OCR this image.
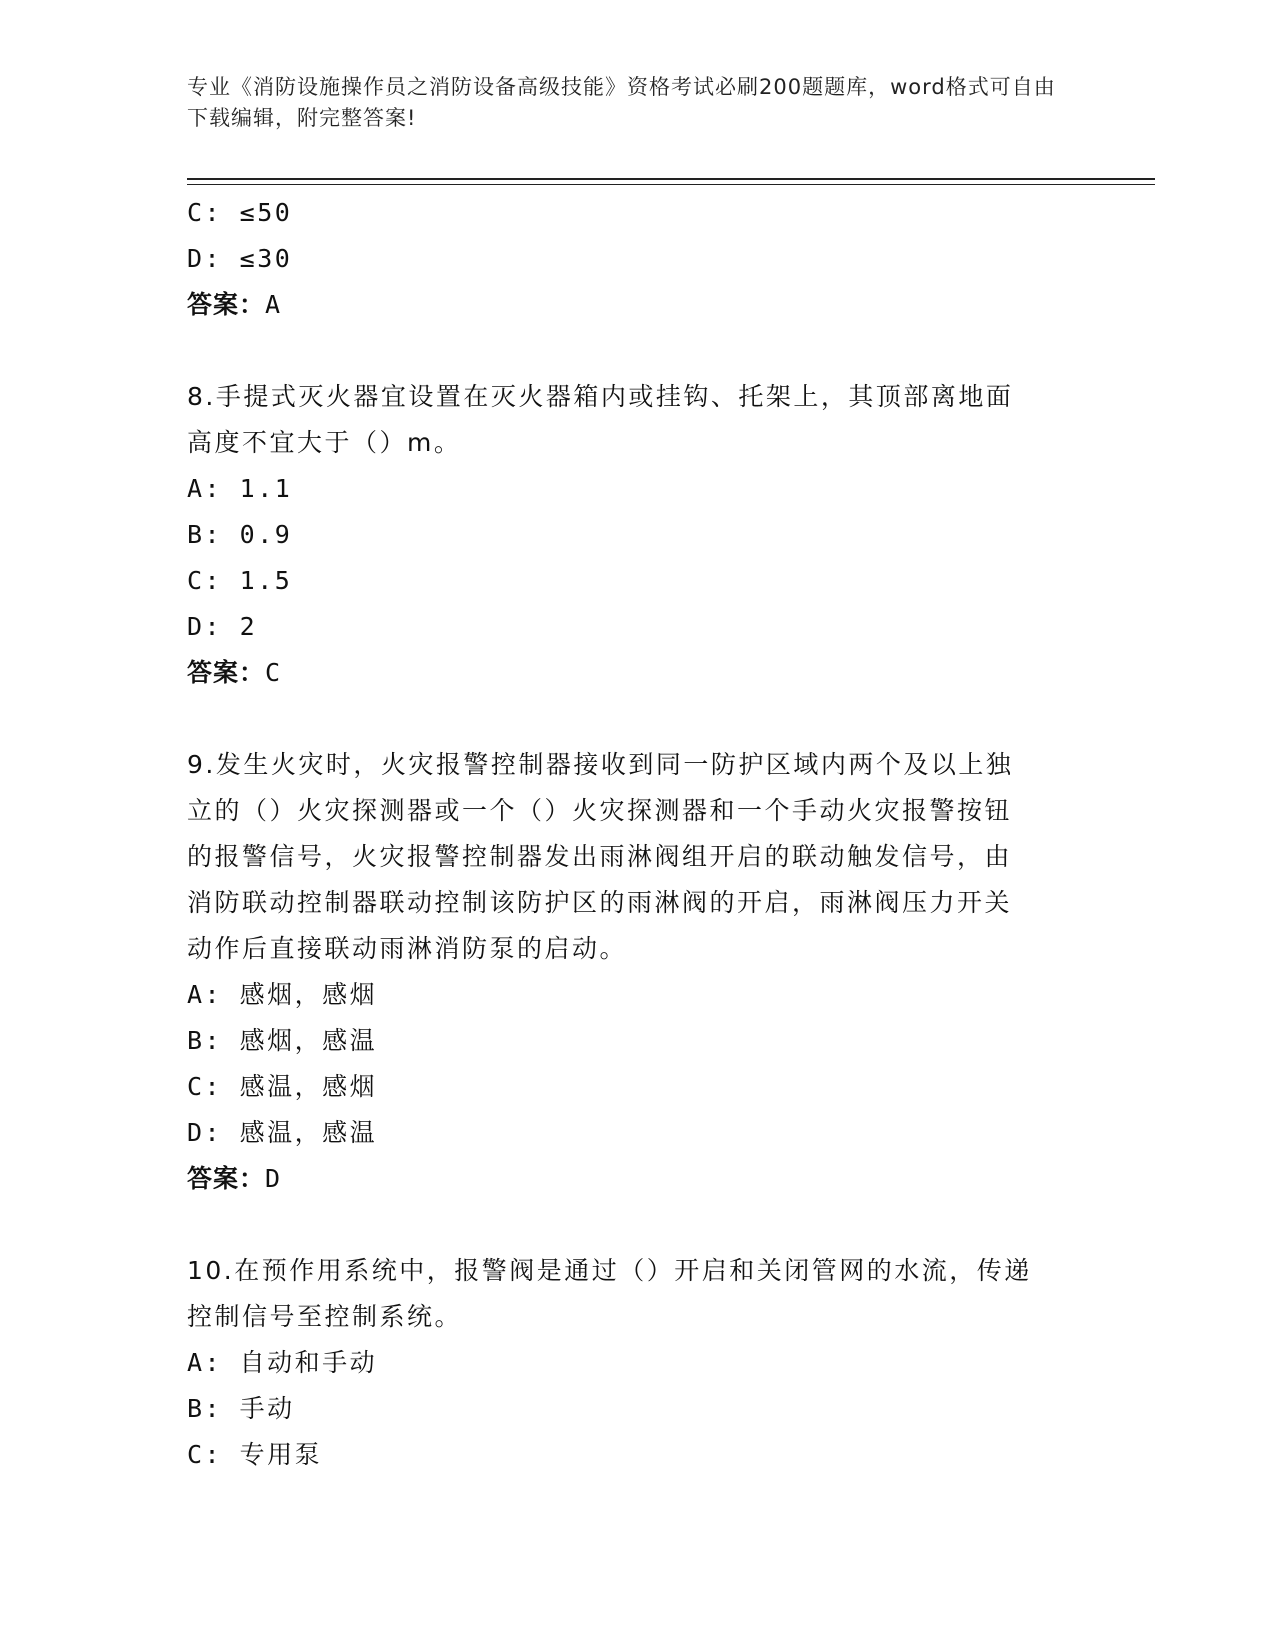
专业《消防设施操作员之消防设备高级技能》资格考试必刷200题题库，word格式可自由下载编辑，附完整答案!
C: ≤50
D: ≤30
答案：A
8.手提式灭火器宜设置在灭火器箱内或挂钩、托架上，其顶部离地面
高度不宜大于（）m。
A: 1.1
B: 0.9
C: 1.5
D: 2
答案：C
9.发生火灾时，火灾报警控制器接收到同一防护区域内两个及以上独
立的（）火灾探测器或一个（）火灾探测器和一个手动火灾报警按钮
的报警信号，火灾报警控制器发出雨淋阀组开启的联动触发信号，由
消防联动控制器联动控制该防护区的雨淋阀的开启，雨淋阀压力开关
动作后直接联动雨淋消防泵的启动。
A: 感烟，感烟
B: 感烟，感温
C: 感温，感烟
D: 感温，感温
答案：D
10.在预作用系统中，报警阀是通过（）开启和关闭管网的水流，传递
控制信号至控制系统。
A: 自动和手动
B: 手动
C: 专用泵
